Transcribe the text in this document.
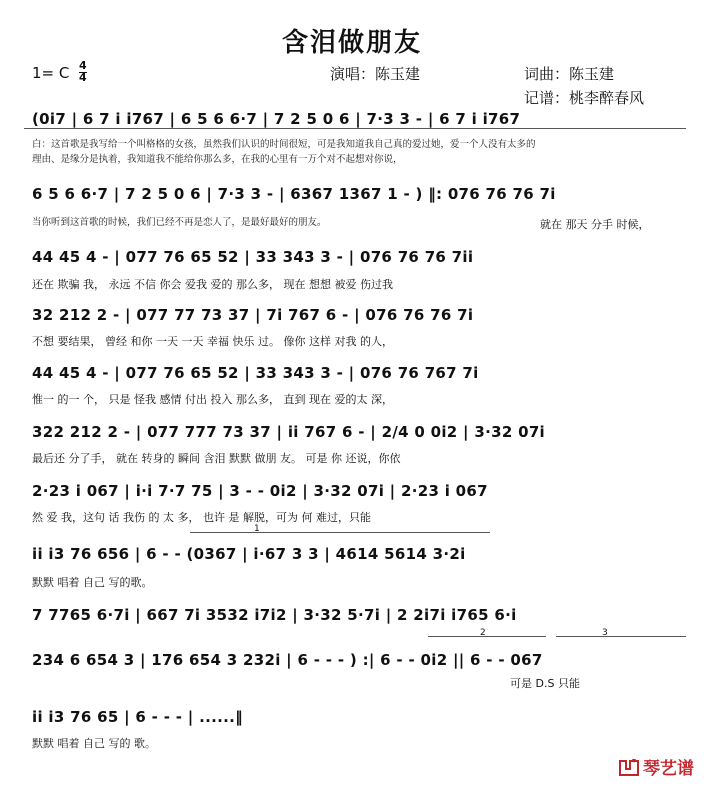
含泪做朋友
1= C 4
4	演唱：陈玉建	词曲：陈玉建
记谱：桃李醉春风
(0i7 | 6 7 i i767 | 6 5 6 6·7 | 7 2 5 0 6 | 7·3 3 - | 6 7 i i767
白：这首歌是我写给一个叫格格的女孩，虽然我们认识的时间很短，可是我知道我自己真的爱过她，爱一个人没有太多的
理由、是缘分是执着，我知道我不能给你那么多，在我的心里有一万个对不起想对你说，
6 5 6 6·7 | 7 2 5 0 6 | 7·3 3 - | 6367 1367 1 - ) ‖: 076 76 76 7i
当你听到这首歌的时候，我们已经不再是恋人了，是最好最好的朋友。	就在 那天 分手 时候，
44 45 4 - | 077 76 65 52 | 33 343 3 - | 076 76 76 7ii
还在 欺骗 我， 永远 不信 你会 爱我 爱的 那么多， 现在 想想 被爱 伤过我
32 212 2 - | 077 77 73 37 | 7i 767 6 - | 076 76 76 7i
不想 要结果， 曾经 和你 一天 一天 幸福 快乐 过。 像你 这样 对我 的人，
44 45 4 - | 077 76 65 52 | 33 343 3 - | 076 76 767 7i
惟一 的一 个， 只是 怪我 感情 付出 投入 那么多， 直到 现在 爱的太 深，
322 212 2 - | 077 777 73 37 | ii 767 6 - | 2/4 0 0i2 | 3·32 07i
最后还 分了手， 就在 转身的 瞬间 含泪 默默 做朋 友。 可是 你 还说，你依
2·23 i 067 | i·i 7·7 75 | 3 - - 0i2 | 3·32 07i | 2·23 i 067
然 爱 我，这句 话 我伤 的 太 多， 也许 是 解脱，可为 何 难过，只能
1
ii i3 76 656 | 6 - - (0367 | i·67 3 3 | 4614 5614 3·2i
默默 唱着 自己 写的歌。
7 7765 6·7i | 667 7i 3532 i7i2 | 3·32 5·7i | 2 2i7i i765 6·i
2	3
234 6 654 3 | 176 654 3 232i | 6 - - - ) :| 6 - - 0i2 || 6 - - 067
可是 D.S 只能
ii i3 76 65 | 6 - - - | ......‖
默默 唱着 自己 写的 歌。
琴艺谱
